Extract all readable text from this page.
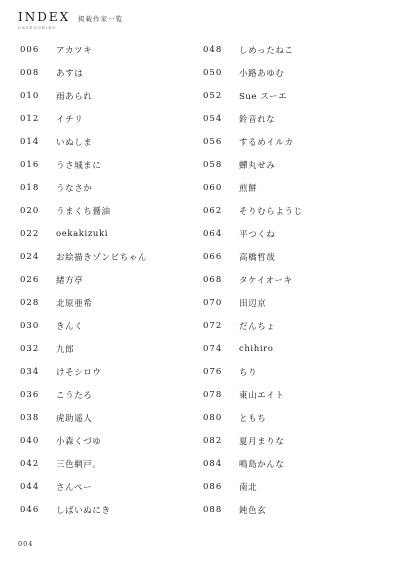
INDEX 掲載作家一覧
CATEGORIES
006	アカツキ
008	あすは
010	雨あられ
012	イチリ
014	いぬしま
016	うさ城まに
018	うなさか
020	うまくち醤油
022	oekakizuki
024	お絵描きゾンビちゃん
026	緒方亭
028	北原亜希
030	きんく
032	九郎
034	けそシロウ
036	こうたろ
038	虎助遥人
040	小森くづゆ
042	三色網戸。
044	さんぺー
046	しばいぬにき
048	しめったねこ
050	小路あゆむ
052	Sue スーエ
054	鈴音れな
056	するめイルカ
058	蟬丸せみ
060	煎餅
062	そりむらようじ
064	平つくね
066	高橋哲哉
068	タケイオーキ
070	田辺京
072	だんちょ
074	chihiro
076	ちり
078	東山エイト
080	ともち
082	夏月まりな
084	鳴島かんな
086	南北
088	鈍色玄
004
